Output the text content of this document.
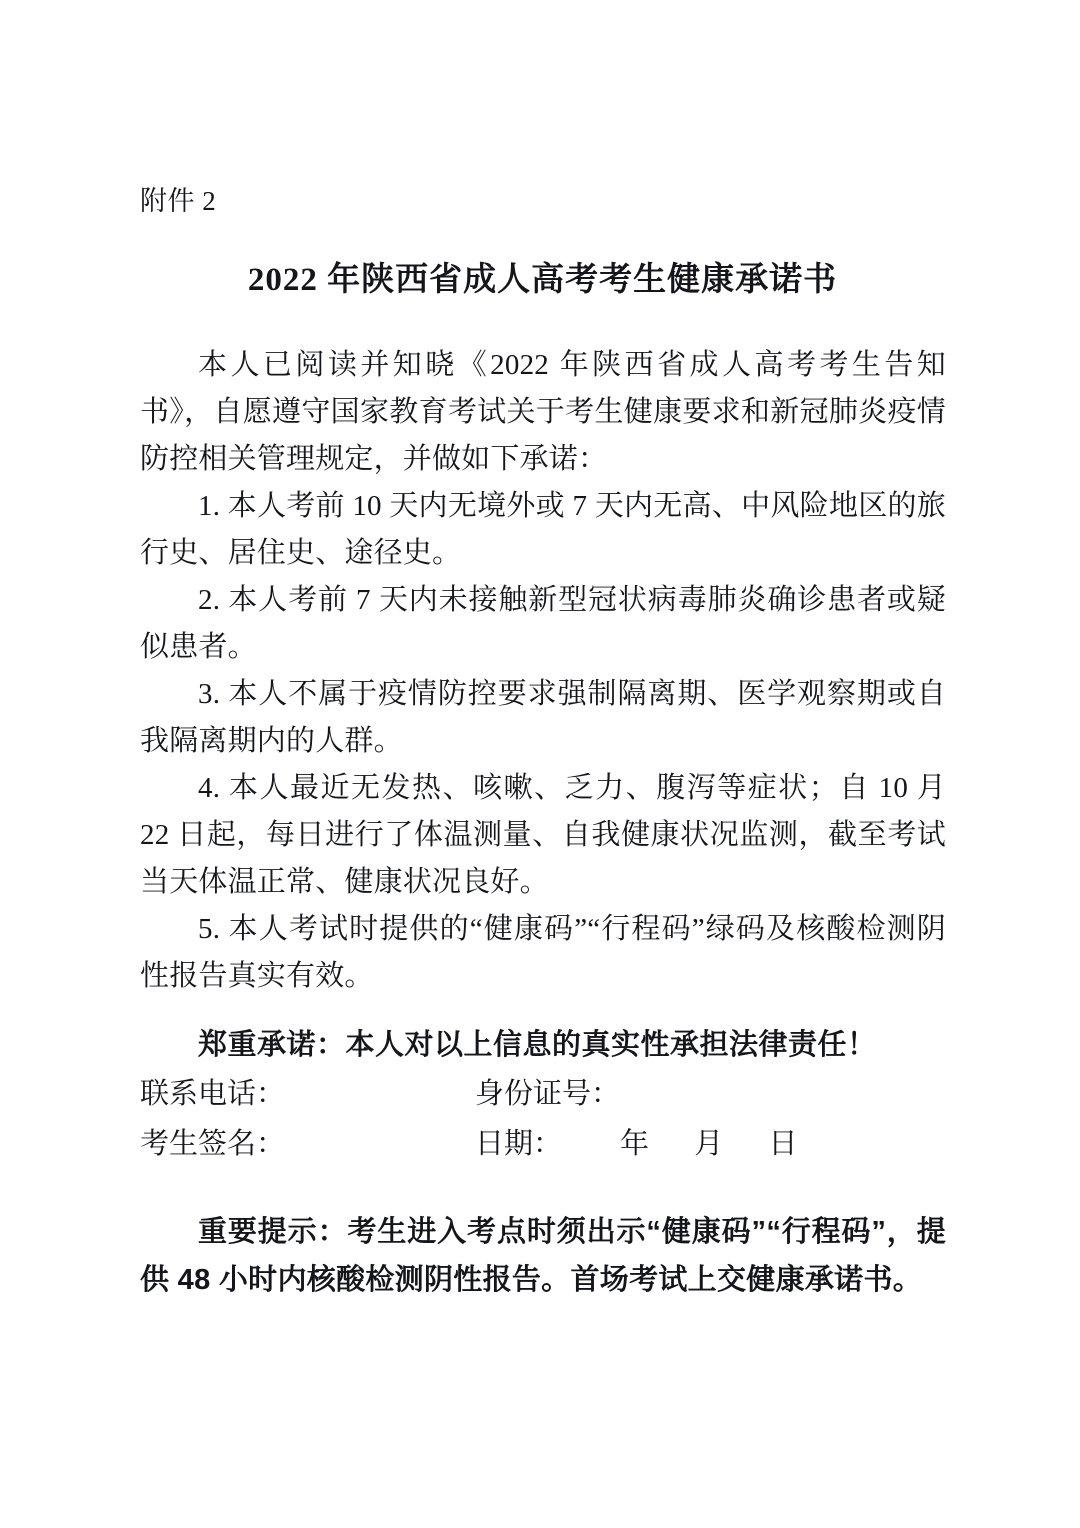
附件 2
2022 年陕西省成人高考考生健康承诺书
本人已阅读并知晓《2022 年陕西省成人高考考生告知书》，自愿遵守国家教育考试关于考生健康要求和新冠肺炎疫情防控相关管理规定，并做如下承诺：
1. 本人考前 10 天内无境外或 7 天内无高、中风险地区的旅行史、居住史、途径史。
2. 本人考前 7 天内未接触新型冠状病毒肺炎确诊患者或疑似患者。
3. 本人不属于疫情防控要求强制隔离期、医学观察期或自我隔离期内的人群。
4. 本人最近无发热、咳嗽、乏力、腹泻等症状；自 10 月 22 日起，每日进行了体温测量、自我健康状况监测，截至考试当天体温正常、健康状况良好。
5. 本人考试时提供的“健康码”“行程码”绿码及核酸检测阴性报告真实有效。
郑重承诺：本人对以上信息的真实性承担法律责任！
联系电话：	身份证号：
考生签名：	日期： 年 月 日
重要提示：考生进入考点时须出示“健康码”“行程码”，提供 48 小时内核酸检测阴性报告。首场考试上交健康承诺书。
